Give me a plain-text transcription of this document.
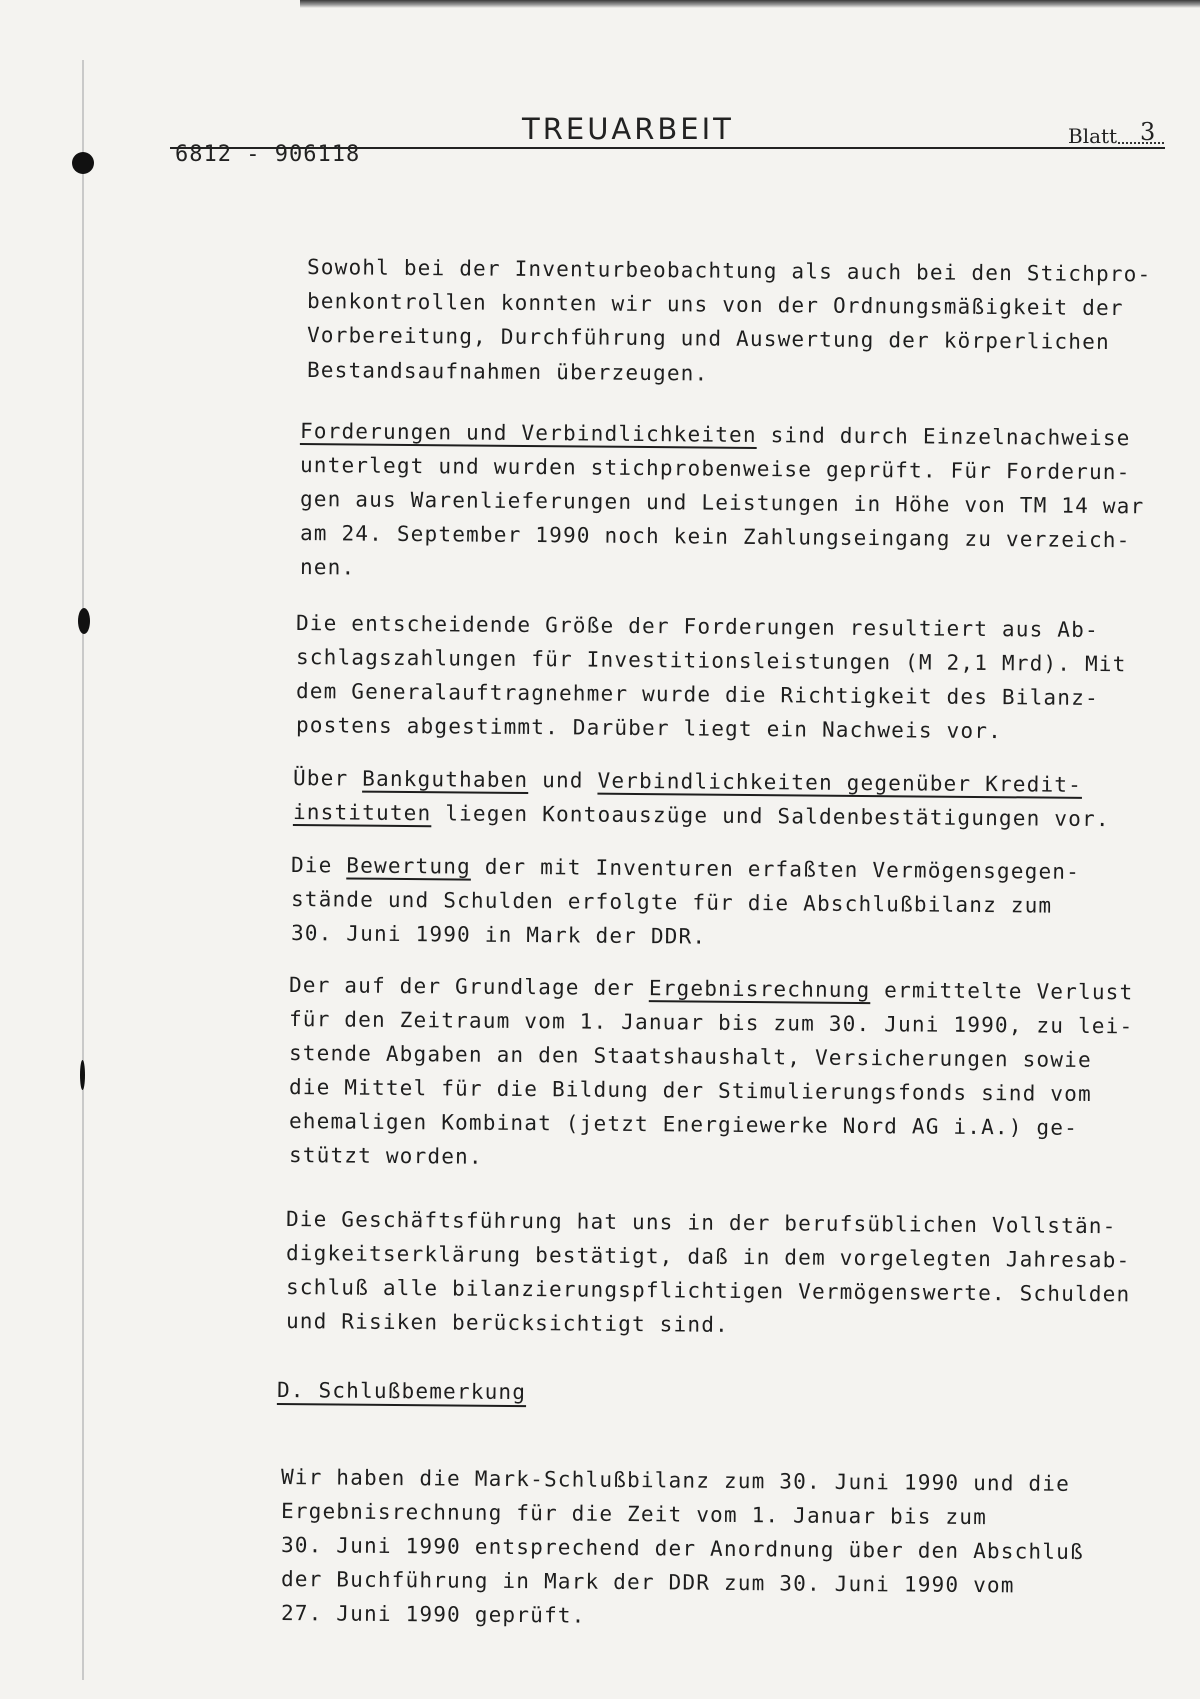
TREUARBEIT
6812 - 906118
Blatt 3
Sowohl bei der Inventurbeobachtung als auch bei den Stichpro-
benkontrollen konnten wir uns von der Ordnungsmäßigkeit der
Vorbereitung, Durchführung und Auswertung der körperlichen
Bestandsaufnahmen überzeugen.
Forderungen und Verbindlichkeiten sind durch Einzelnachweise
unterlegt und wurden stichprobenweise geprüft. Für Forderun-
gen aus Warenlieferungen und Leistungen in Höhe von TM 14 war
am 24. September 1990 noch kein Zahlungseingang zu verzeich-
nen.
Die entscheidende Größe der Forderungen resultiert aus Ab-
schlagszahlungen für Investitionsleistungen (M 2,1 Mrd). Mit
dem Generalauftragnehmer wurde die Richtigkeit des Bilanz-
postens abgestimmt. Darüber liegt ein Nachweis vor.
Über Bankguthaben und Verbindlichkeiten gegenüber Kredit-
instituten liegen Kontoauszüge und Saldenbestätigungen vor.
Die Bewertung der mit Inventuren erfaßten Vermögensgegen-
stände und Schulden erfolgte für die Abschlußbilanz zum
30. Juni 1990 in Mark der DDR.
Der auf der Grundlage der Ergebnisrechnung ermittelte Verlust
für den Zeitraum vom 1. Januar bis zum 30. Juni 1990, zu lei-
stende Abgaben an den Staatshaushalt, Versicherungen sowie
die Mittel für die Bildung der Stimulierungsfonds sind vom
ehemaligen Kombinat (jetzt Energiewerke Nord AG i.A.) ge-
stützt worden.
Die Geschäftsführung hat uns in der berufsüblichen Vollstän-
digkeitserklärung bestätigt, daß in dem vorgelegten Jahresab-
schluß alle bilanzierungspflichtigen Vermögenswerte. Schulden
und Risiken berücksichtigt sind.
D. Schlußbemerkung
Wir haben die Mark-Schlußbilanz zum 30. Juni 1990 und die
Ergebnisrechnung für die Zeit vom 1. Januar bis zum
30. Juni 1990 entsprechend der Anordnung über den Abschluß
der Buchführung in Mark der DDR zum 30. Juni 1990 vom
27. Juni 1990 geprüft.
